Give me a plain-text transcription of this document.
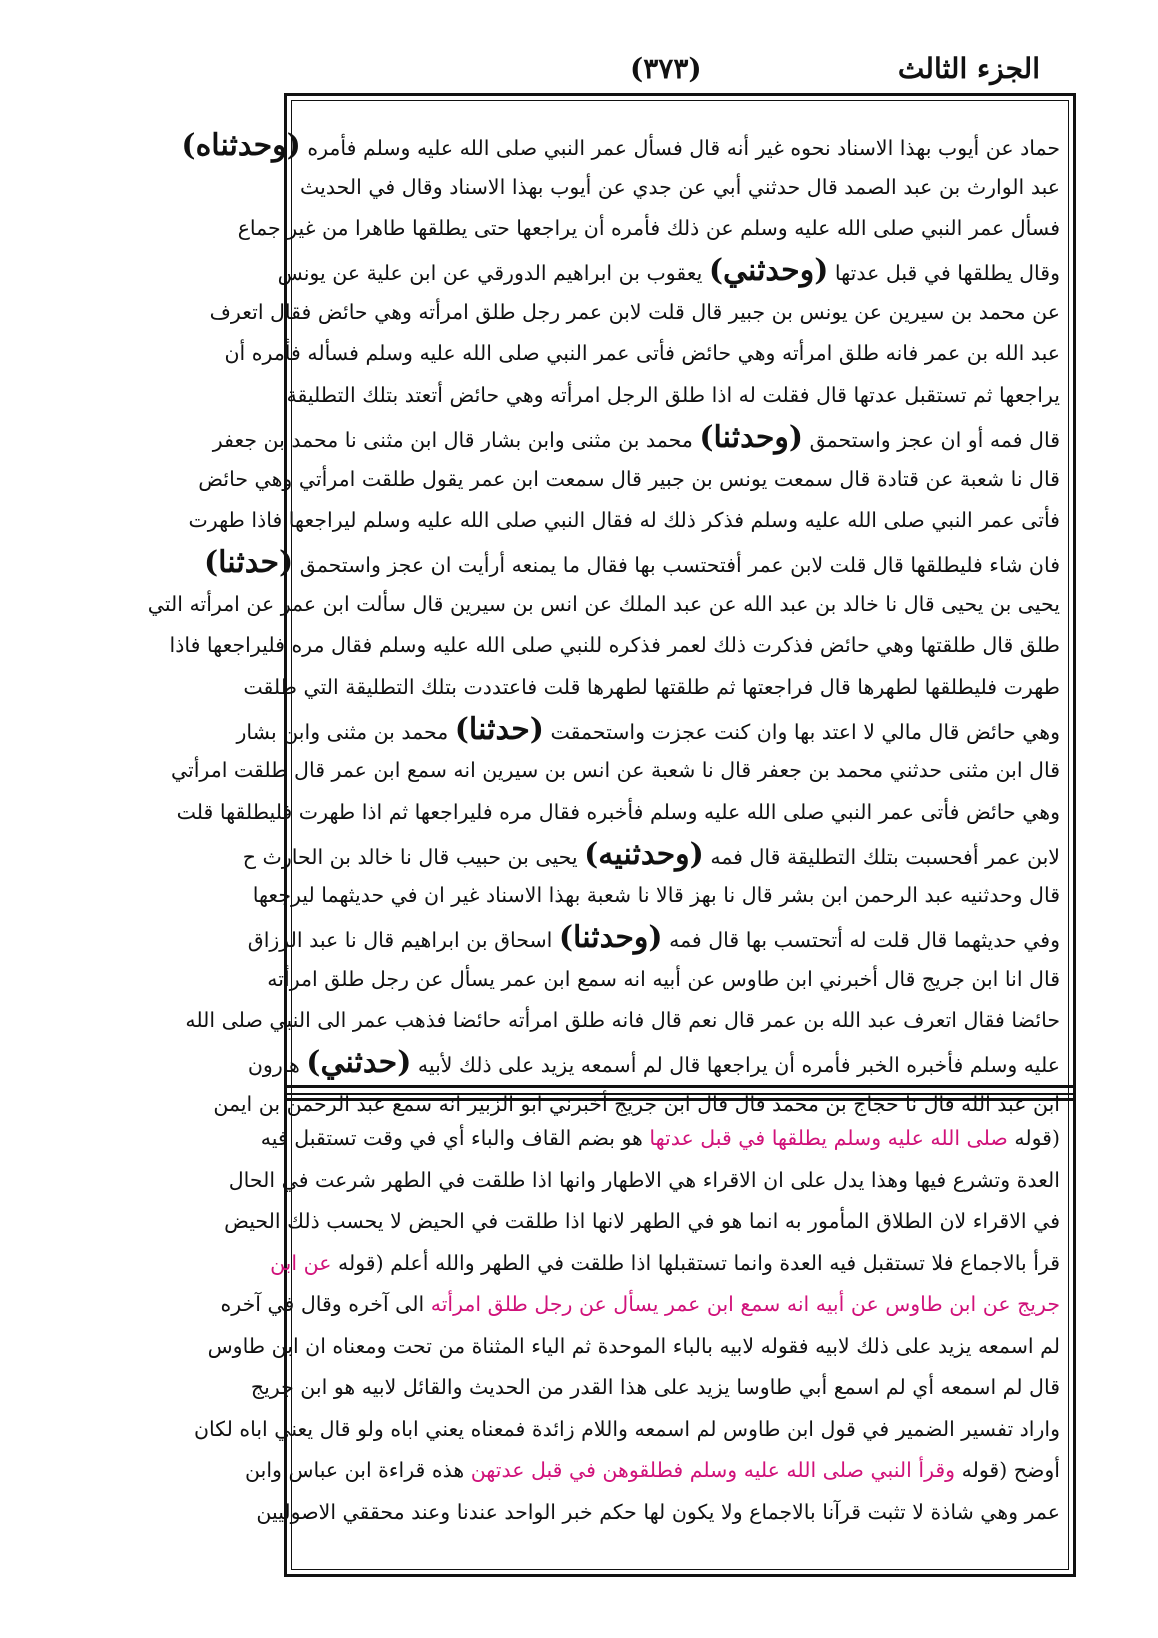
الجزء الثالث
(٣٧٣)
حماد عن أيوب بهذا الاسناد نحوه غير أنه قال فسأل عمر النبي صلى الله عليه وسلم فأمره (وحدثناه)
عبد الوارث بن عبد الصمد قال حدثني أبي عن جدي عن أيوب بهذا الاسناد وقال في الحديث
فسأل عمر النبي صلى الله عليه وسلم عن ذلك فأمره أن يراجعها حتى يطلقها طاهرا من غير جماع
وقال يطلقها في قبل عدتها (وحدثني) يعقوب بن ابراهيم الدورقي عن ابن علية عن يونس
عن محمد بن سيرين عن يونس بن جبير قال قلت لابن عمر رجل طلق امرأته وهي حائض فقال اتعرف
عبد الله بن عمر فانه طلق امرأته وهي حائض فأتى عمر النبي صلى الله عليه وسلم فسأله فأمره أن
يراجعها ثم تستقبل عدتها قال فقلت له اذا طلق الرجل امرأته وهي حائض أتعتد بتلك التطليقة
قال فمه أو ان عجز واستحمق (وحدثنا) محمد بن مثنى وابن بشار قال ابن مثنى نا محمد بن جعفر
قال نا شعبة عن قتادة قال سمعت يونس بن جبير قال سمعت ابن عمر يقول طلقت امرأتي وهي حائض
فأتى عمر النبي صلى الله عليه وسلم فذكر ذلك له فقال النبي صلى الله عليه وسلم ليراجعها فاذا طهرت
فان شاء فليطلقها قال قلت لابن عمر أفتحتسب بها فقال ما يمنعه أرأيت ان عجز واستحمق (حدثنا)
يحيى بن يحيى قال نا خالد بن عبد الله عن عبد الملك عن انس بن سيرين قال سألت ابن عمر عن امرأته التي
طلق قال طلقتها وهي حائض فذكرت ذلك لعمر فذكره للنبي صلى الله عليه وسلم فقال مره فليراجعها فاذا
طهرت فليطلقها لطهرها قال فراجعتها ثم طلقتها لطهرها قلت فاعتددت بتلك التطليقة التي طلقت
وهي حائض قال مالي لا اعتد بها وان كنت عجزت واستحمقت (حدثنا) محمد بن مثنى وابن بشار
قال ابن مثنى حدثني محمد بن جعفر قال نا شعبة عن انس بن سيرين انه سمع ابن عمر قال طلقت امرأتي
وهي حائض فأتى عمر النبي صلى الله عليه وسلم فأخبره فقال مره فليراجعها ثم اذا طهرت فليطلقها قلت
لابن عمر أفحسبت بتلك التطليقة قال فمه (وحدثنيه) يحيى بن حبيب قال نا خالد بن الحارث ح
قال وحدثنيه عبد الرحمن ابن بشر قال نا بهز قالا نا شعبة بهذا الاسناد غير ان في حديثهما ليرجعها
وفي حديثهما قال قلت له أتحتسب بها قال فمه (وحدثنا) اسحاق بن ابراهيم قال نا عبد الرزاق
قال انا ابن جريج قال أخبرني ابن طاوس عن أبيه انه سمع ابن عمر يسأل عن رجل طلق امرأته
حائضا فقال اتعرف عبد الله بن عمر قال نعم قال فانه طلق امرأته حائضا فذهب عمر الى النبي صلى الله
عليه وسلم فأخبره الخبر فأمره أن يراجعها قال لم أسمعه يزيد على ذلك لأبيه (حدثني) هارون
ابن عبد الله قال نا حجاج بن محمد قال قال ابن جريج أخبرني ابو الزبير انه سمع عبد الرحمن بن ايمن
(قوله صلى الله عليه وسلم يطلقها في قبل عدتها هو بضم القاف والباء أي في وقت تستقبل فيه
العدة وتشرع فيها وهذا يدل على ان الاقراء هي الاطهار وانها اذا طلقت في الطهر شرعت في الحال
في الاقراء لان الطلاق المأمور به انما هو في الطهر لانها اذا طلقت في الحيض لا يحسب ذلك الحيض
قرأ بالاجماع فلا تستقبل فيه العدة وانما تستقبلها اذا طلقت في الطهر والله أعلم (قوله عن ابن
جريج عن ابن طاوس عن أبيه انه سمع ابن عمر يسأل عن رجل طلق امرأته الى آخره وقال في آخره
لم اسمعه يزيد على ذلك لابيه فقوله لابيه بالباء الموحدة ثم الياء المثناة من تحت ومعناه ان ابن طاوس
قال لم اسمعه أي لم اسمع أبي طاوسا يزيد على هذا القدر من الحديث والقائل لابيه هو ابن جريج
واراد تفسير الضمير في قول ابن طاوس لم اسمعه واللام زائدة فمعناه يعني اباه ولو قال يعني اباه لكان
أوضح (قوله وقرأ النبي صلى الله عليه وسلم فطلقوهن في قبل عدتهن هذه قراءة ابن عباس وابن
عمر وهي شاذة لا تثبت قرآنا بالاجماع ولا يكون لها حكم خبر الواحد عندنا وعند محققي الاصوليين
